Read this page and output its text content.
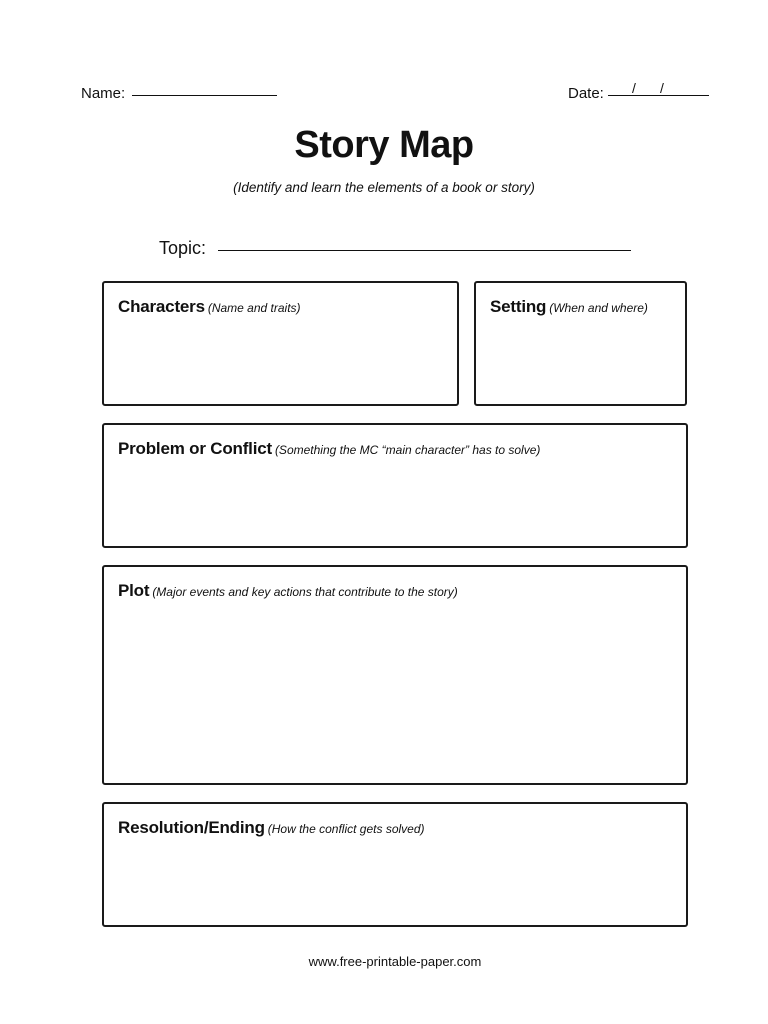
Name:	Date: / /
Story Map
(Identify and learn the elements of a book or story)
Topic:
Characters (Name and traits)	Setting (When and where)
Problem or Conflict (Something the MC “main character” has to solve)
Plot (Major events and key actions that contribute to the story)
Resolution/Ending (How the conflict gets solved)
www.free-printable-paper.com
